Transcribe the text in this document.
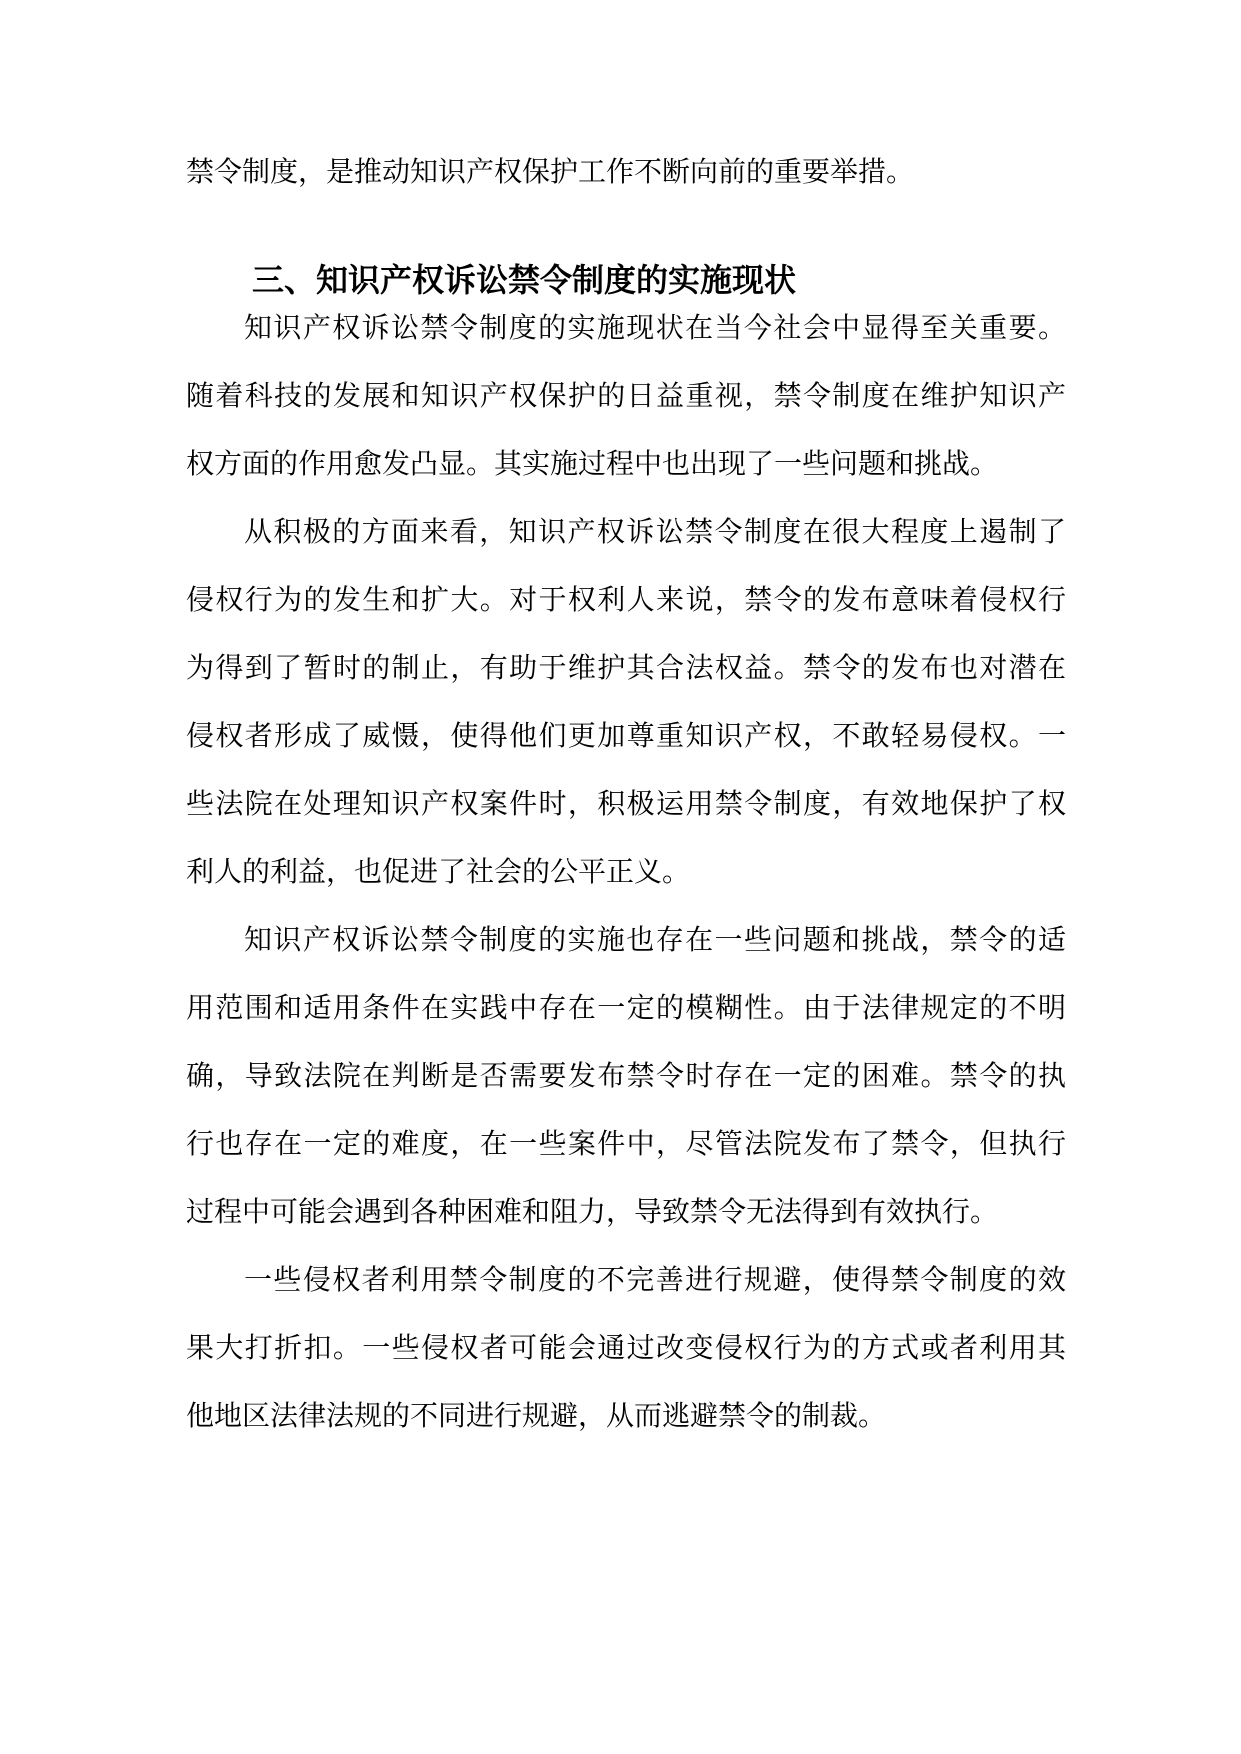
禁令制度，是推动知识产权保护工作不断向前的重要举措。
三、知识产权诉讼禁令制度的实施现状
知识产权诉讼禁令制度的实施现状在当今社会中显得至关重要。
随着科技的发展和知识产权保护的日益重视，禁令制度在维护知识产
权方面的作用愈发凸显。其实施过程中也出现了一些问题和挑战。
从积极的方面来看，知识产权诉讼禁令制度在很大程度上遏制了
侵权行为的发生和扩大。对于权利人来说，禁令的发布意味着侵权行
为得到了暂时的制止，有助于维护其合法权益。禁令的发布也对潜在
侵权者形成了威慑，使得他们更加尊重知识产权，不敢轻易侵权。一
些法院在处理知识产权案件时，积极运用禁令制度，有效地保护了权
利人的利益，也促进了社会的公平正义。
知识产权诉讼禁令制度的实施也存在一些问题和挑战，禁令的适
用范围和适用条件在实践中存在一定的模糊性。由于法律规定的不明
确，导致法院在判断是否需要发布禁令时存在一定的困难。禁令的执
行也存在一定的难度，在一些案件中，尽管法院发布了禁令，但执行
过程中可能会遇到各种困难和阻力，导致禁令无法得到有效执行。
一些侵权者利用禁令制度的不完善进行规避，使得禁令制度的效
果大打折扣。一些侵权者可能会通过改变侵权行为的方式或者利用其
他地区法律法规的不同进行规避，从而逃避禁令的制裁。
